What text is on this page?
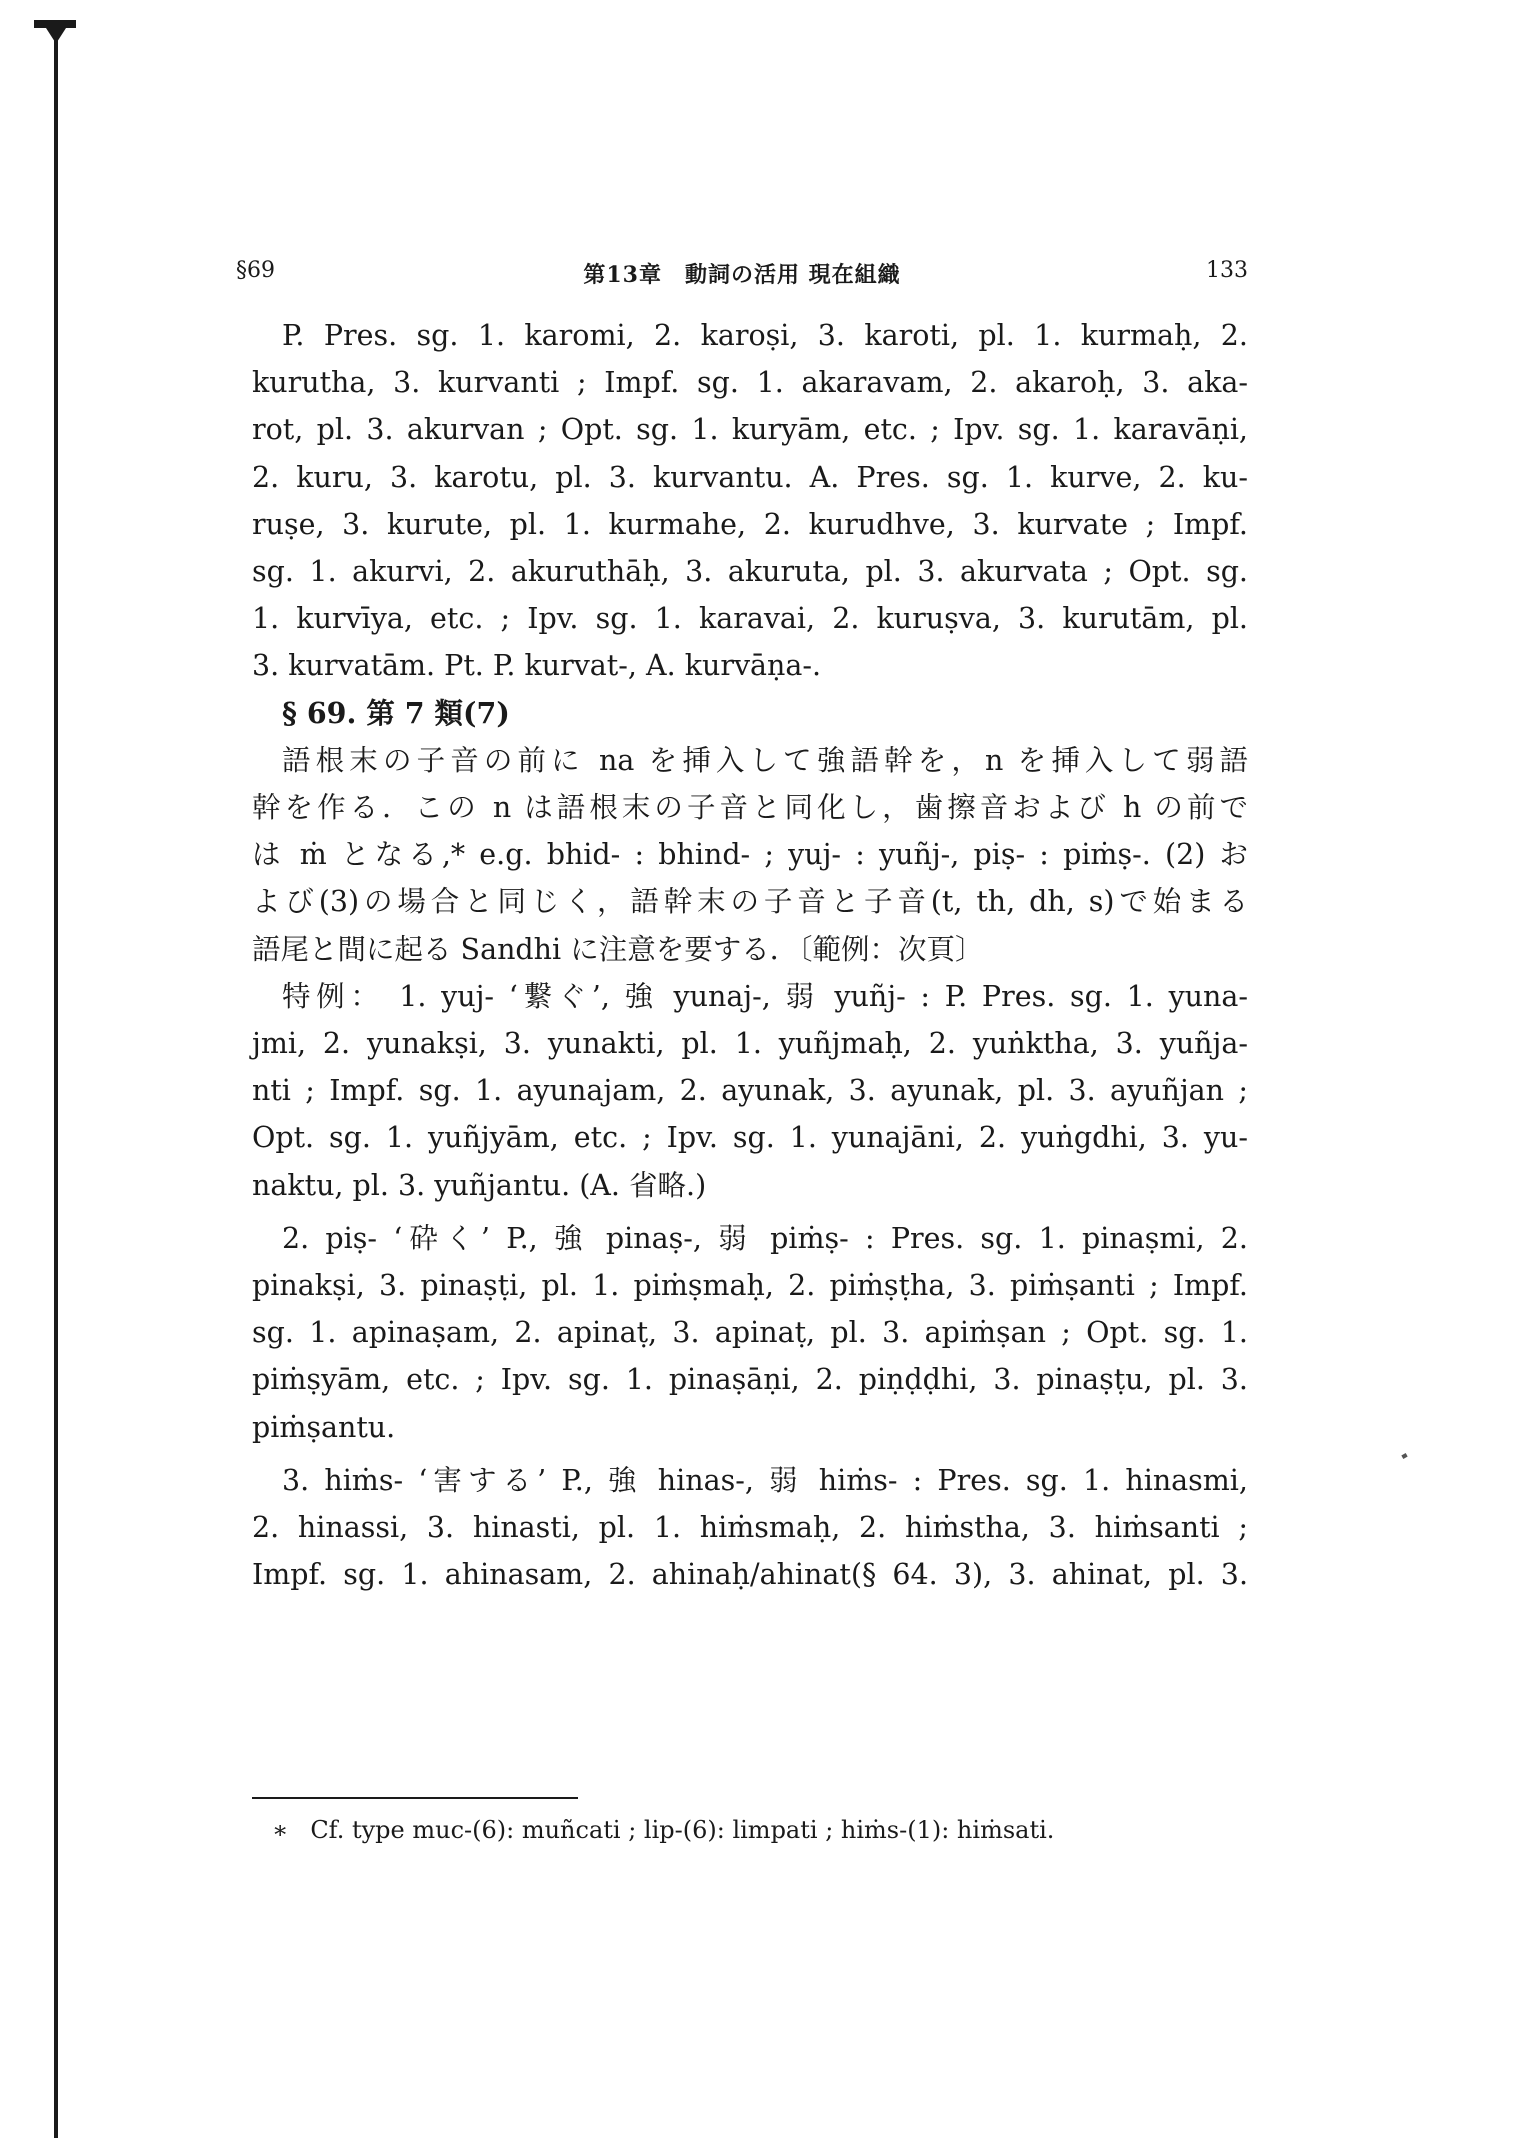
§69	第13章　動詞の活用 現在組織	133
P. Pres. sg. 1. karomi, 2. karoṣi, 3. karoti, pl. 1. kurmaḥ, 2.
kurutha, 3. kurvanti ; Impf. sg. 1. akaravam, 2. akaroḥ, 3. aka-
rot, pl. 3. akurvan ; Opt. sg. 1. kuryām, etc. ; Ipv. sg. 1. karavāṇi,
2. kuru, 3. karotu, pl. 3. kurvantu. A. Pres. sg. 1. kurve, 2. ku-
ruṣe, 3. kurute, pl. 1. kurmahe, 2. kurudhve, 3. kurvate ; Impf.
sg. 1. akurvi, 2. akuruthāḥ, 3. akuruta, pl. 3. akurvata ; Opt. sg.
1. kurvīya, etc. ; Ipv. sg. 1. karavai, 2. kuruṣva, 3. kurutām, pl.
3. kurvatām. Pt. P. kurvat-, A. kurvāṇa-.
§ 69. 第 7 類(7)
語根末の子音の前に na を挿入して強語幹を，n を挿入して弱語
幹を作る．この n は語根末の子音と同化し，歯擦音および h の前で
は ṁ となる,* e.g. bhid- : bhind- ; yuj- : yuñj-, piṣ- : piṁṣ-. (2) お
よび(3)の場合と同じく，語幹末の子音と子音(t, th, dh, s)で始まる
語尾と間に起る Sandhi に注意を要する．〔範例：次頁〕
特例： 1. yuj- ‘繋ぐ’, 強 yunaj-, 弱 yuñj- : P. Pres. sg. 1. yuna-
jmi, 2. yunakṣi, 3. yunakti, pl. 1. yuñjmaḥ, 2. yuṅktha, 3. yuñja-
nti ; Impf. sg. 1. ayunajam, 2. ayunak, 3. ayunak, pl. 3. ayuñjan ;
Opt. sg. 1. yuñjyām, etc. ; Ipv. sg. 1. yunajāni, 2. yuṅgdhi, 3. yu-
naktu, pl. 3. yuñjantu. (A. 省略.)
2. piṣ- ‘砕く’ P., 強 pinaṣ-, 弱 piṁṣ- : Pres. sg. 1. pinaṣmi, 2.
pinakṣi, 3. pinaṣṭi, pl. 1. piṁṣmaḥ, 2. piṁṣṭha, 3. piṁṣanti ; Impf.
sg. 1. apinaṣam, 2. apinaṭ, 3. apinaṭ, pl. 3. apiṁṣan ; Opt. sg. 1.
piṁṣyām, etc. ; Ipv. sg. 1. pinaṣāṇi, 2. piṇḍḍhi, 3. pinaṣṭu, pl. 3.
piṁṣantu.
3. hiṁs- ‘害する’ P., 強 hinas-, 弱 hiṁs- : Pres. sg. 1. hinasmi,
2. hinassi, 3. hinasti, pl. 1. hiṁsmaḥ, 2. hiṁstha, 3. hiṁsanti ;
Impf. sg. 1. ahinasam, 2. ahinaḥ/ahinat(§ 64. 3), 3. ahinat, pl. 3.
∗ Cf. type muc-(6): muñcati ; lip-(6): limpati ; hiṁs-(1): hiṁsati.
